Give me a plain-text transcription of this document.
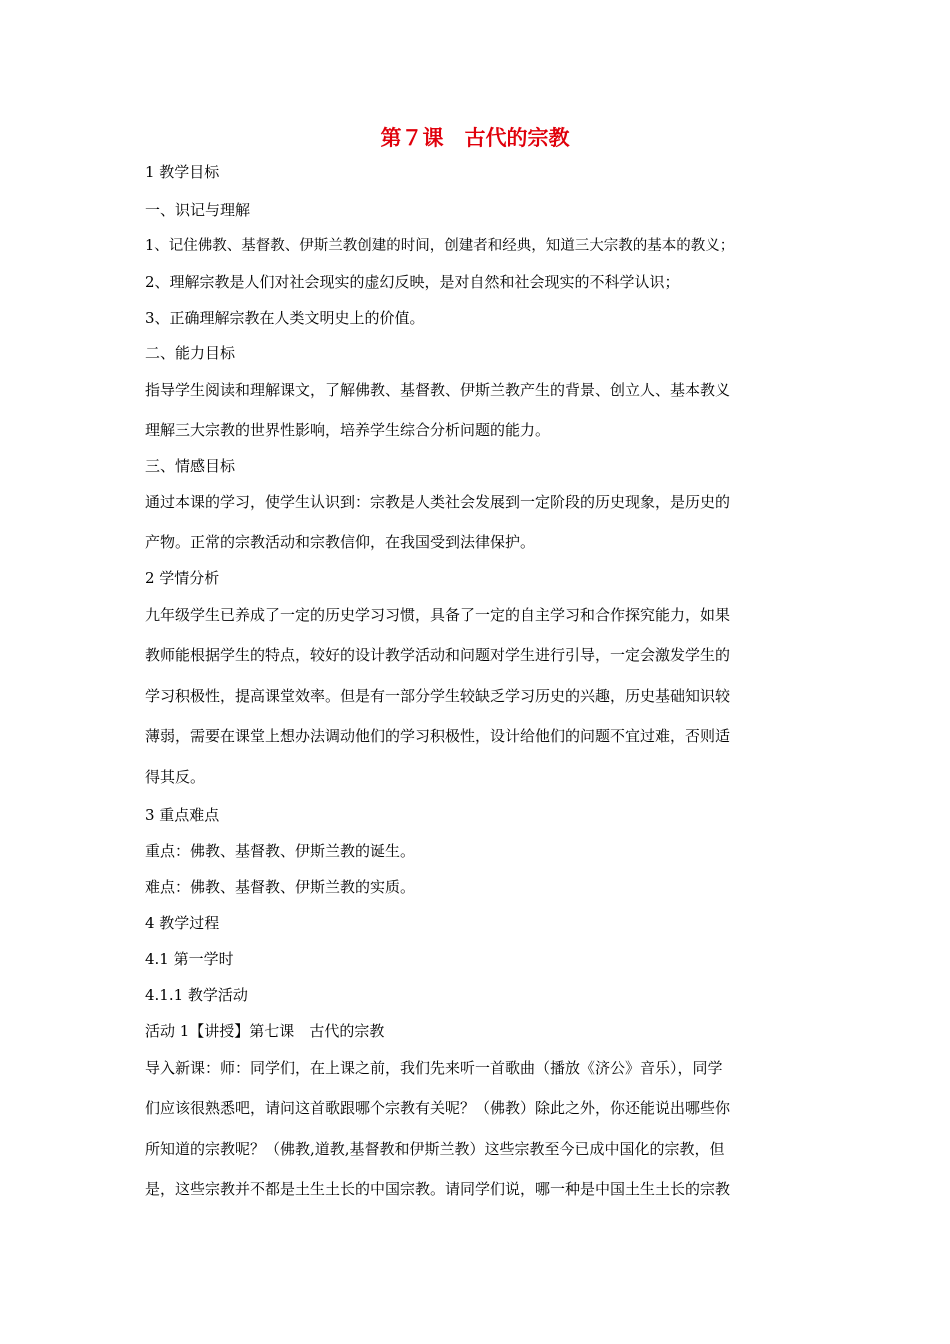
第７课　古代的宗教
1 教学目标
一、识记与理解
1、记住佛教、基督教、伊斯兰教创建的时间，创建者和经典，知道三大宗教的基本的教义；
2、理解宗教是人们对社会现实的虚幻反映，是对自然和社会现实的不科学认识；
3、正确理解宗教在人类文明史上的价值。
二、能力目标
指导学生阅读和理解课文，了解佛教、基督教、伊斯兰教产生的背景、创立人、基本教义
理解三大宗教的世界性影响，培养学生综合分析问题的能力。
三、情感目标
通过本课的学习，使学生认识到：宗教是人类社会发展到一定阶段的历史现象，是历史的
产物。正常的宗教活动和宗教信仰，在我国受到法律保护。
2 学情分析
九年级学生已养成了一定的历史学习习惯，具备了一定的自主学习和合作探究能力，如果
教师能根据学生的特点，较好的设计教学活动和问题对学生进行引导，一定会激发学生的
学习积极性，提高课堂效率。但是有一部分学生较缺乏学习历史的兴趣，历史基础知识较
薄弱，需要在课堂上想办法调动他们的学习积极性，设计给他们的问题不宜过难，否则适
得其反。
3 重点难点
重点：佛教、基督教、伊斯兰教的诞生。
难点：佛教、基督教、伊斯兰教的实质。
4 教学过程
4.1 第一学时
4.1.1 教学活动
活动 1【讲授】第七课　古代的宗教
导入新课：师：同学们，在上课之前，我们先来听一首歌曲（播放《济公》音乐），同学
们应该很熟悉吧，请问这首歌跟哪个宗教有关呢？（佛教）除此之外，你还能说出哪些你
所知道的宗教呢？（佛教,道教,基督教和伊斯兰教）这些宗教至今已成中国化的宗教，但
是，这些宗教并不都是土生土长的中国宗教。请同学们说，哪一种是中国土生土长的宗教
